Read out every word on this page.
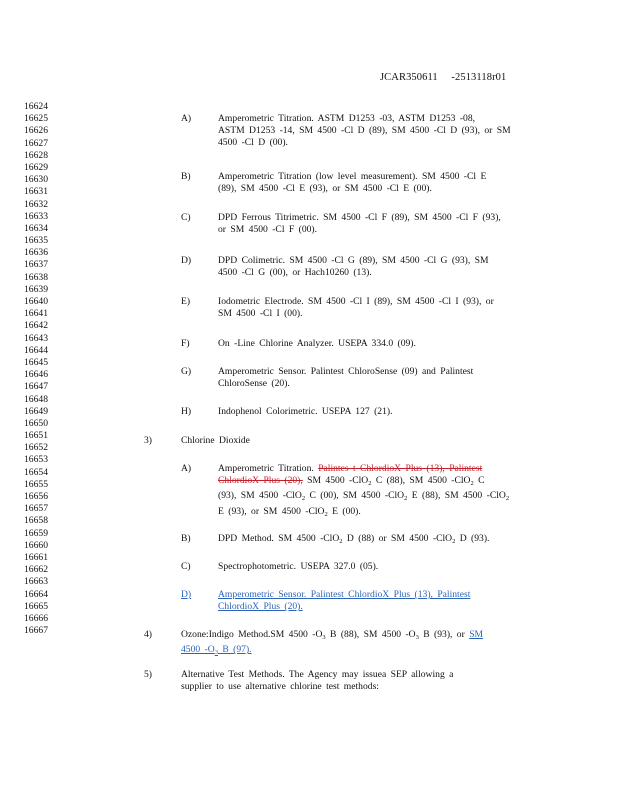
JCAR350611     -2513118r01
16624
16625
16626
16627
16628
16629
16630
16631
16632
16633
16634
16635
16636
16637
16638
16639
16640
16641
16642
16643
16644
16645
16646
16647
16648
16649
16650
16651
16652
16653
16654
16655
16656
16657
16658
16659
16660
16661
16662
16663
16664
16665
16666
16667
A)	Amperometric Titration. ASTM D1253 -03, ASTM D1253 -08,
ASTM D1253 -14, SM 4500 -Cl D (89), SM 4500 -Cl D (93), or SM
4500 -Cl D (00).
B)	Amperometric Titration (low level measurement). SM 4500 -Cl E
(89), SM 4500 -Cl E (93), or SM 4500 -Cl E (00).
C)	DPD Ferrous Titrimetric. SM 4500 -Cl F (89), SM 4500 -Cl F (93),
or SM 4500 -Cl F (00).
D)	DPD Colimetric. SM 4500 -Cl G (89), SM 4500 -Cl G (93), SM
4500 -Cl G (00), or Hach10260 (13).
E)	Iodometric Electrode. SM 4500 -Cl I (89), SM 4500 -Cl I (93), or
SM 4500 -Cl I (00).
F)	On -Line Chlorine Analyzer. USEPA 334.0 (09).
G)	Amperometric Sensor. Palintest ChloroSense (09) and Palintest
ChloroSense (20).
H)	Indophenol Colorimetric. USEPA 127 (21).
3)	Chlorine Dioxide
A)	Amperometric Titration. Palintes t ChlordioX Plus (13), Palintest
ChlordioX Plus (20), SM 4500 -ClO$_2$ C (88), SM 4500 -ClO$_2$ C
(93), SM 4500 -ClO$_2$ C (00), SM 4500 -ClO$_2$ E (88), SM 4500 -ClO$_2$
E (93), or SM 4500 -ClO$_2$ E (00).
B)	DPD Method. SM 4500 -ClO$_2$ D (88) or SM 4500 -ClO$_2$ D (93).
C)	Spectrophotometric. USEPA 327.0 (05).
D)	Amperometric Sensor. Palintest ChlordioX Plus (13), Palintest
ChlordioX Plus (20).
4)	Ozone:Indigo Method.SM 4500 $-O_3$ B (88), SM 4500 $-O_3$ B (93), or SM
4500 $-O_3$ B (97).
5)	Alternative Test Methods. The Agency may issuea SEP allowing a
supplier to use alternative chlorine test methods:
